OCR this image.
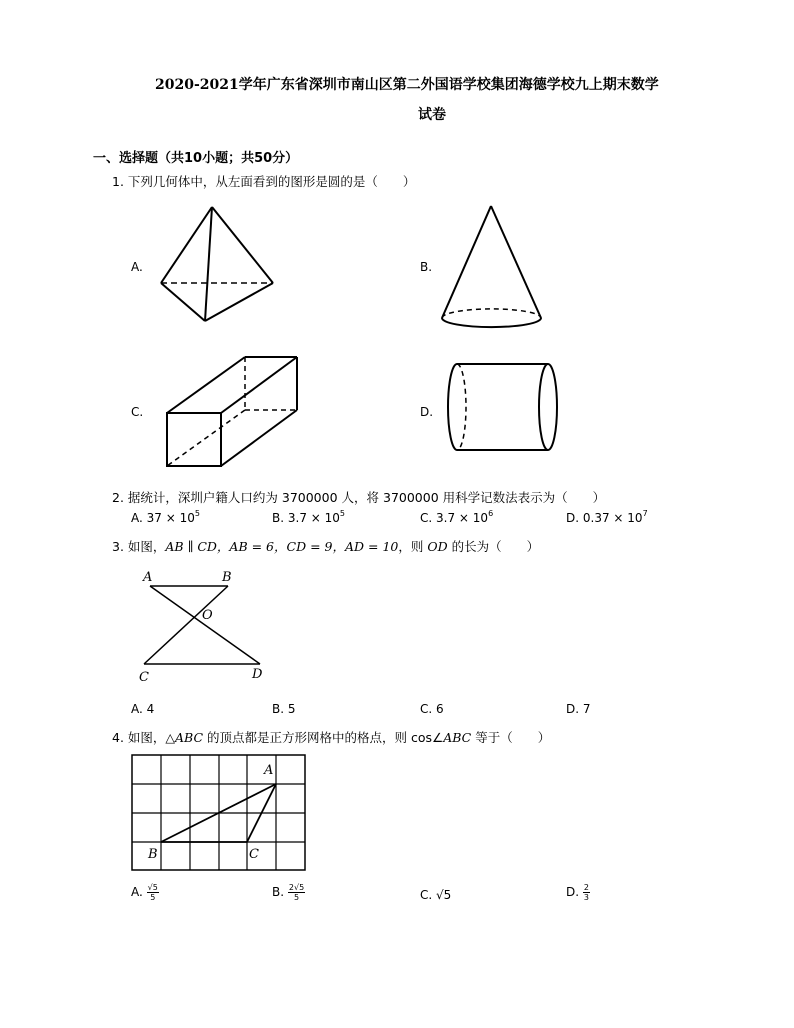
2020-2021学年广东省深圳市南山区第二外国语学校集团海德学校九上期末数学
试卷
一、选择题（共10小题；共50分）
1. 下列几何体中，从左面看到的图形是圆的是（　　）
A.	B.
C.	D.
2. 据统计，深圳户籍人口约为 3700000 人，将 3700000 用科学记数法表示为（　　）
A. $37 \times 10^5$	B. $3.7 \times 10^5$	C. $3.7 \times 10^6$	D. $0.37 \times 10^7$
3. 如图，AB ∥ CD，AB = 6，CD = 9，AD = 10，则 OD 的长为（　　）
A	B
O
C	D
A. 4	B. 5	C. 6	D. 7
4. 如图，△ABC 的顶点都是正方形网格中的格点，则 cos∠ABC 等于（　　）
A
B	C
A. $\frac{√5}{5}$	B. $\frac{2√5}{5}$	C. √5	D. $\frac{2}{3}$
